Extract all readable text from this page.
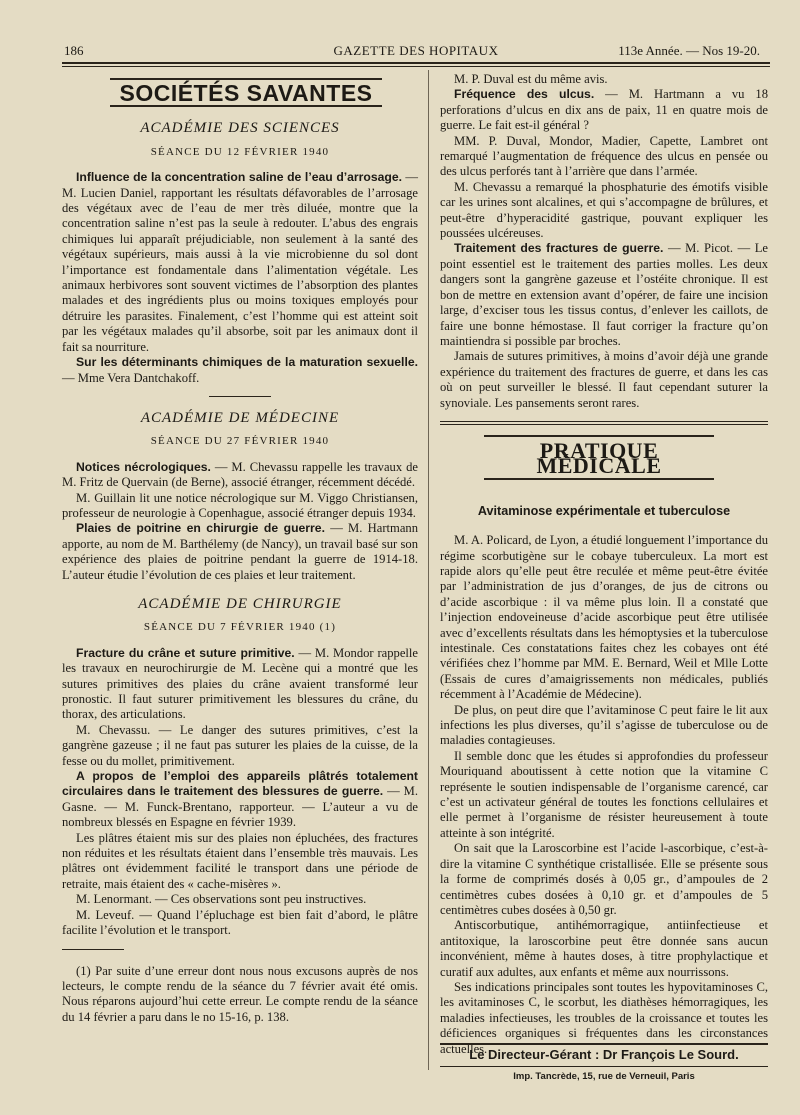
186	GAZETTE DES HOPITAUX	113e Année. — Nos 19-20.
SOCIÉTÉS SAVANTES
ACADÉMIE DES SCIENCES
SÉANCE DU 12 FÉVRIER 1940

Influence de la concentration saline de l’eau d’arrosage. — M. Lucien Daniel, rapportant les résultats défavorables de l’arrosage des végétaux avec de l’eau de mer très diluée, montre que la concentration saline n’est pas la seule à redouter. L’abus des engrais chimiques lui apparaît préjudiciable, non seulement à la santé des végétaux supérieurs, mais aussi à la vie microbienne du sol dont l’importance est fondamentale dans l’alimentation végétale. Les animaux herbivores sont souvent victimes de l’absorption des plantes malades et des ingrédients plus ou moins toxiques employés pour détruire les parasites. Finalement, c’est l’homme qui est atteint soit par les végétaux malades qu’il absorbe, soit par les animaux dont il fait sa nourriture.

Sur les déterminants chimiques de la maturation sexuelle. — Mme Vera Dantchakoff.

ACADÉMIE DE MÉDECINE
SÉANCE DU 27 FÉVRIER 1940

Notices nécrologiques. — M. Chevassu rappelle les travaux de M. Fritz de Quervain (de Berne), associé étranger, récemment décédé.

M. Guillain lit une notice nécrologique sur M. Viggo Christiansen, professeur de neurologie à Copenhague, associé étranger depuis 1934.

Plaies de poitrine en chirurgie de guerre. — M. Hartmann apporte, au nom de M. Barthélemy (de Nancy), un travail basé sur son expérience des plaies de poitrine pendant la guerre de 1914-18. L’auteur étudie l’évolution de ces plaies et leur traitement.

ACADÉMIE DE CHIRURGIE
SÉANCE DU 7 FÉVRIER 1940 (1)

Fracture du crâne et suture primitive. — M. Mondor rappelle les travaux en neurochirurgie de M. Lecène qui a montré que les sutures primitives des plaies du crâne avaient transformé leur pronostic. Il faut suturer primitivement les blessures du crâne, du thorax, des articulations.

M. Chevassu. — Le danger des sutures primitives, c’est la gangrène gazeuse ; il ne faut pas suturer les plaies de la cuisse, de la fesse ou du mollet, primitivement.

A propos de l’emploi des appareils plâtrés totalement circulaires dans le traitement des blessures de guerre. — M. Gasne. — M. Funck-Brentano, rapporteur. — L’auteur a vu de nombreux blessés en Espagne en février 1939.

Les plâtres étaient mis sur des plaies non épluchées, des fractures non réduites et les résultats étaient dans l’ensemble très mauvais. Les plâtres ont évidemment facilité le transport dans une période de retraite, mais étaient des « cache-misères ».

M. Lenormant. — Ces observations sont peu instructives.

M. Leveuf. — Quand l’épluchage est bien fait d’abord, le plâtre facilite l’évolution et le transport.

(1) Par suite d’une erreur dont nous nous excusons auprès de nos lecteurs, le compte rendu de la séance du 7 février avait été omis. Nous réparons aujourd’hui cette erreur. Le compte rendu de la séance du 14 février a paru dans le no 15-16, p. 138.

M. P. Duval est du même avis.

Fréquence des ulcus. — M. Hartmann a vu 18 perforations d’ulcus en dix ans de paix, 11 en quatre mois de guerre. Le fait est-il général ?

MM. P. Duval, Mondor, Madier, Capette, Lambret ont remarqué l’augmentation de fréquence des ulcus en pensée ou des ulcus perforés tant à l’arrière que dans l’armée.

M. Chevassu a remarqué la phosphaturie des émotifs visible car les urines sont alcalines, et qui s’accompagne de brûlures, et peut-être d’hyperacidité gastrique, pouvant expliquer les poussées ulcéreuses.

Traitement des fractures de guerre. — M. Picot. — Le point essentiel est le traitement des parties molles. Les deux dangers sont la gangrène gazeuse et l’ostéite chronique. Il est bon de mettre en extension avant d’opérer, de faire une incision large, d’exciser tous les tissus contus, d’enlever les caillots, de faire une bonne hémostase. Il faut corriger la fracture qu’on maintiendra si possible par broches.

Jamais de sutures primitives, à moins d’avoir déjà une grande expérience du traitement des fractures de guerre, et dans les cas où on peut surveiller le blessé. Il faut cependant suturer la synoviale. Les pansements seront rares.

PRATIQUE MÉDICALE
Avitaminose expérimentale et tuberculose

M. A. Policard, de Lyon, a étudié longuement l’importance du régime scorbutigène sur le cobaye tuberculeux. La mort est rapide alors qu’elle peut être reculée et même peut-être évitée par l’administration de jus d’oranges, de jus de citrons ou d’acide ascorbique : il va même plus loin. Il a constaté que l’injection endoveineuse d’acide ascorbique peut être utilisée avec d’excellents résultats dans les hémoptysies et la tuberculose intestinale. Ces constatations faites chez les cobayes ont été vérifiées chez l’homme par MM. E. Bernard, Weil et Mlle Lotte (Essais de cures d’amaigrissements non médicales, publiés récemment à l’Académie de Médecine).

De plus, on peut dire que l’avitaminose C peut faire le lit aux infections les plus diverses, qu’il s’agisse de tuberculose ou de maladies contagieuses.

Il semble donc que les études si approfondies du professeur Mouriquand aboutissent à cette notion que la vitamine C représente le soutien indispensable de l’organisme carencé, car c’est un activateur général de toutes les fonctions cellulaires et elle permet à l’organisme de résister heureusement à toute atteinte à son intégrité.

On sait que la Laroscorbine est l’acide l-ascorbique, c’est-à-dire la vitamine C synthétique cristallisée. Elle se présente sous la forme de comprimés dosés à 0,05 gr., d’ampoules de 2 centimètres cubes dosées à 0,10 gr. et d’ampoules de 5 centimètres cubes dosées à 0,50 gr.

Antiscorbutique, antihémorragique, antiinfectieuse et antitoxique, la laroscorbine peut être donnée sans aucun inconvénient, même à hautes doses, à titre prophylactique et curatif aux adultes, aux enfants et même aux nourrissons.

Ses indications principales sont toutes les hypovitaminoses C, les avitaminoses C, le scorbut, les diathèses hémorragiques, les maladies infectieuses, les troubles de la croissance et toutes les déficiences organiques si fréquentes dans les circonstances actuelles.

Le Directeur-Gérant : Dr François Le Sourd.
Imp. Tancrède, 15, rue de Verneuil, Paris
